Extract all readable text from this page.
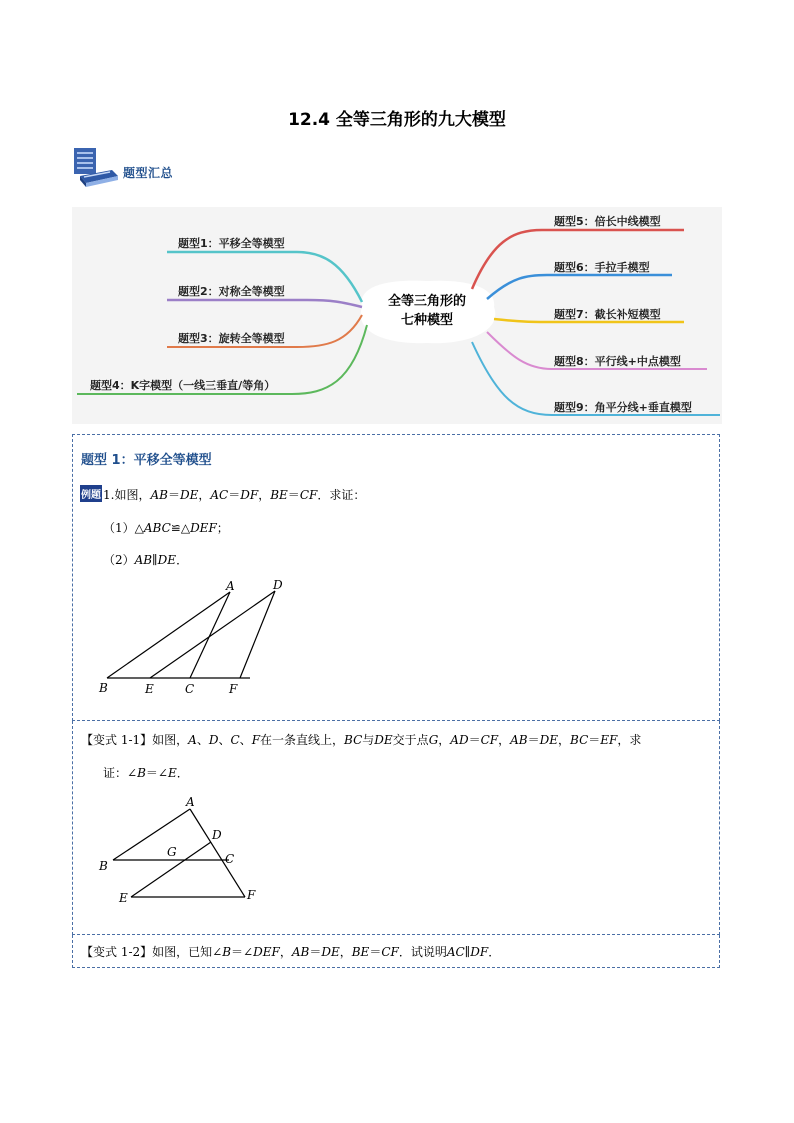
12.4 全等三角形的九大模型
题型汇总
全等三角形的
七种模型
题型1：平移全等模型
题型2：对称全等模型
题型3：旋转全等模型
题型4：K字模型（一线三垂直/等角）
题型5：倍长中线模型
题型6：手拉手模型
题型7：截长补短模型
题型8：平行线+中点模型
题型9：角平分线+垂直模型
题型 1：平移全等模型
例题 1.如图，AB＝DE，AC＝DF，BE＝CF．求证：
（1）△ABC≌△DEF；
（2）AB∥DE．
A	D
B	E	C	F
【变式 1-1】如图，A、D、C、F在一条直线上，BC与DE交于点G，AD＝CF，AB＝DE，BC＝EF，求
证：∠B＝∠E．
A
D
B
G	C
E	F
【变式 1-2】如图，已知∠B＝∠DEF，AB＝DE，BE＝CF．试说明AC∥DF．
